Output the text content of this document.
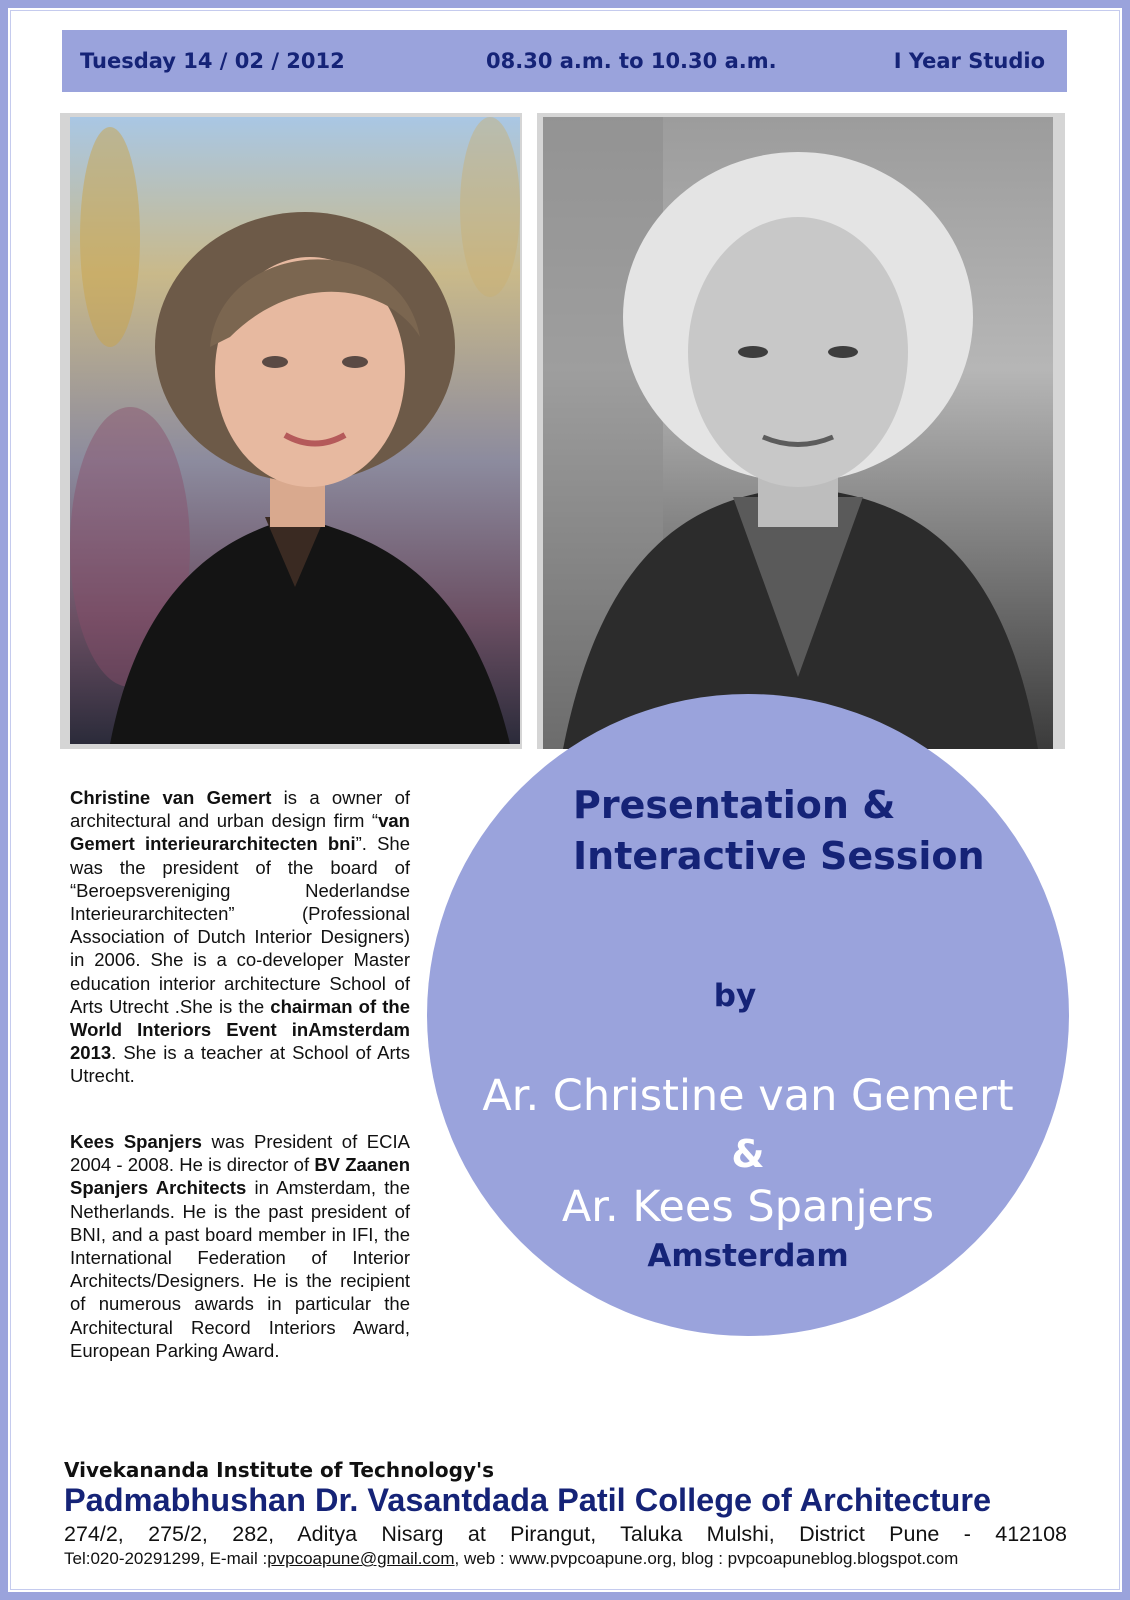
Tuesday 14 / 02 / 2012	08.30 a.m. to 10.30 a.m.	I Year Studio
Presentation &
Interactive Session
by
Ar. Christine van Gemert
&
Ar. Kees Spanjers
Amsterdam
Christine van Gemert is a owner of architectural and urban design firm “van Gemert interieurarchitecten bni”. She was the president of the board of “Beroepsvereniging Nederlandse Interieurarchitecten” (Professional Association of Dutch Interior Designers) in 2006. She is a co-developer Master education interior architecture School of Arts Utrecht .She is the chairman of the World Interiors Event inAmsterdam 2013. She is a teacher at School of Arts Utrecht.
Kees Spanjers was President of ECIA 2004 - 2008. He is director of BV Zaanen Spanjers Architects in Amsterdam, the Netherlands. He is the past president of BNI, and a past board member in IFI, the International Federation of Interior Architects/Designers. He is the recipient of numerous awards in particular the Architectural Record Interiors Award, European Parking Award.
Vivekananda Institute of Technology's
Padmabhushan Dr. Vasantdada Patil College of Architecture
274/2, 275/2, 282, Aditya Nisarg at Pirangut, Taluka Mulshi, District Pune - 412108
Tel:020-20291299, E-mail :pvpcoapune@gmail.com, web : www.pvpcoapune.org, blog : pvpcoapuneblog.blogspot.com
